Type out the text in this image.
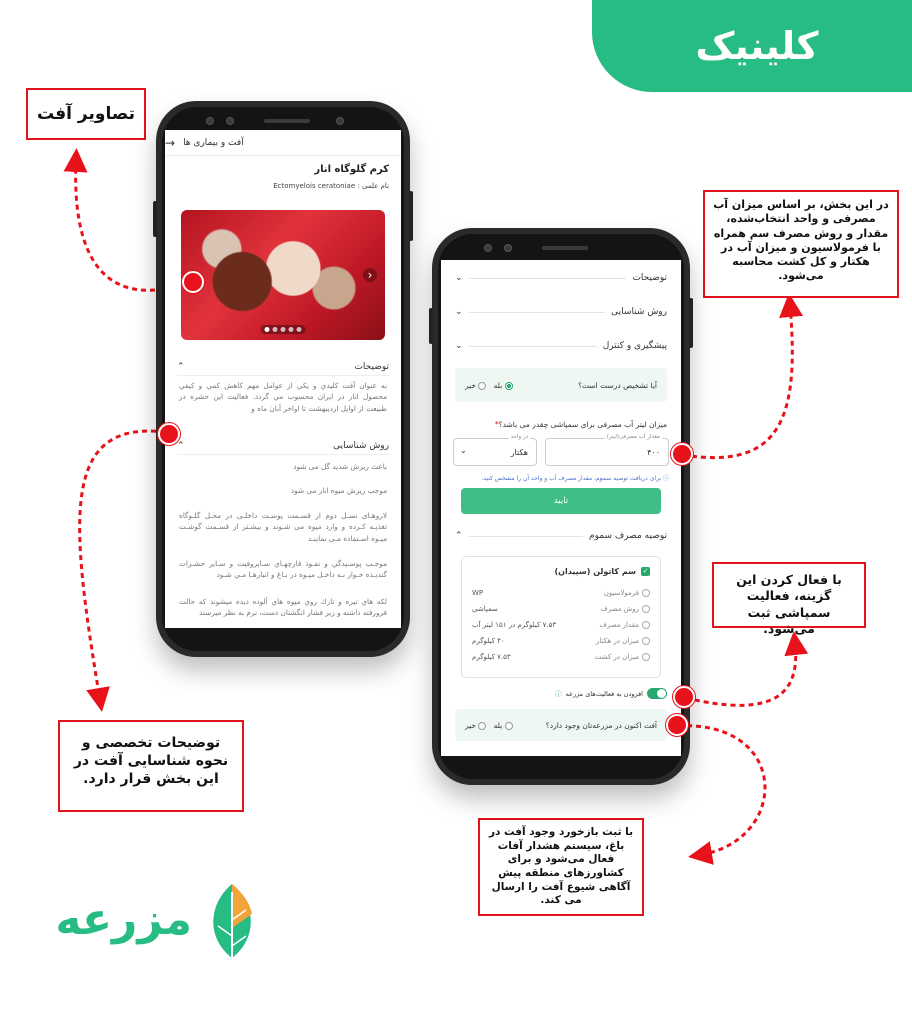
کلینیک
تصاویر آفت
توضیحات تخصصی و نحوه شناسایی آفت در این بخش قرار دارد.
در این بخش، بر اساس میزان آب مصرفی و واحد انتخاب‌شده، مقدار و روش مصرف سم همراه با فرمولاسیون و میزان آب در هکتار و کل کشت محاسبه می‌شود.
با فعال کردن این گزینه، فعالیت سمپاشی ثبت می‌شود.
با ثبت بازخورد وجود آفت در باغ، سیستم هشدار آفات فعال می‌شود و برای کشاورزهای منطقه پیش آگاهی شیوع آفت را ارسال می کند.
آفت و بیماری ها
→
کرم گلوگاه انار
نام علمی : Ectomyelois ceratoniae
›
توضیحات
⌃
به عنوان آفت کلیدي و یکي از عوامل مهم کاهش کمي و کیفي محصول انار در ایران محسوب مي گردد. فعالیت این حشره در طبیعت از اوایل اردیبهشت تا اواخر آبان ماه و
روش شناسایی
⌃
باعث ریزش شدید گل می شود
موجب ریزش میوه انار می شود
لاروهـای نسـل دوم از قسـمت پوسـت داخلـی در محـل گلـوگاه تغذیـه کـرده و وارد میوه می شـوند و بیشـتر از قسـمت گوشـت میـوه اسـتفاده مـی نماینـد
موجـب پوسـیدگي و نفـوذ قارچهـاي سـاپروفیت و سـایر حشـرات گندیـده خـوار بـه داخـل میـوه در بـاغ و انبارهـا مـي شـود
لکه هاي تيره و تازك روي ميوه هاي آلوده ديده ميشوند كه حالت فرورفته داشته و زير فشار انگشتان دست، نرم به نظر ميرسند
توضیحات
⌄
روش شناسایی
⌄
پیشگیری و کنترل
⌄
آیا تشخیص درست است؟
بله    خیر
میزان لیتر آب مصرفی برای سمپاشی چقدر می باشد؟*
مقدار آب مصرفی(لیتر)
۴۰۰
در واحد
هکتار
⌄
ⓘ برای دریافت توصیه سموم، مقدار مصرف آب و واحد آن را مشخص کنید.
تایید
توصیه مصرف سموم
⌃
✓
سم کاتولن (سپیدان)
فرمولاسیون
WP
روش مصرف
سمپاشی
مقدار مصرف
۷.۵۳ کیلوگرم در ۱۵۱ لیتر آب
میزان در هکتار
۴۰ کیلوگرم
میزان در کشت
۷.۵۳ کیلوگرم
افزودن به فعالیت‌های مزرعه
ⓘ
آفت اکنون در مزرعه‌تان وجود دارد؟
بله    خیر
مزرعه
